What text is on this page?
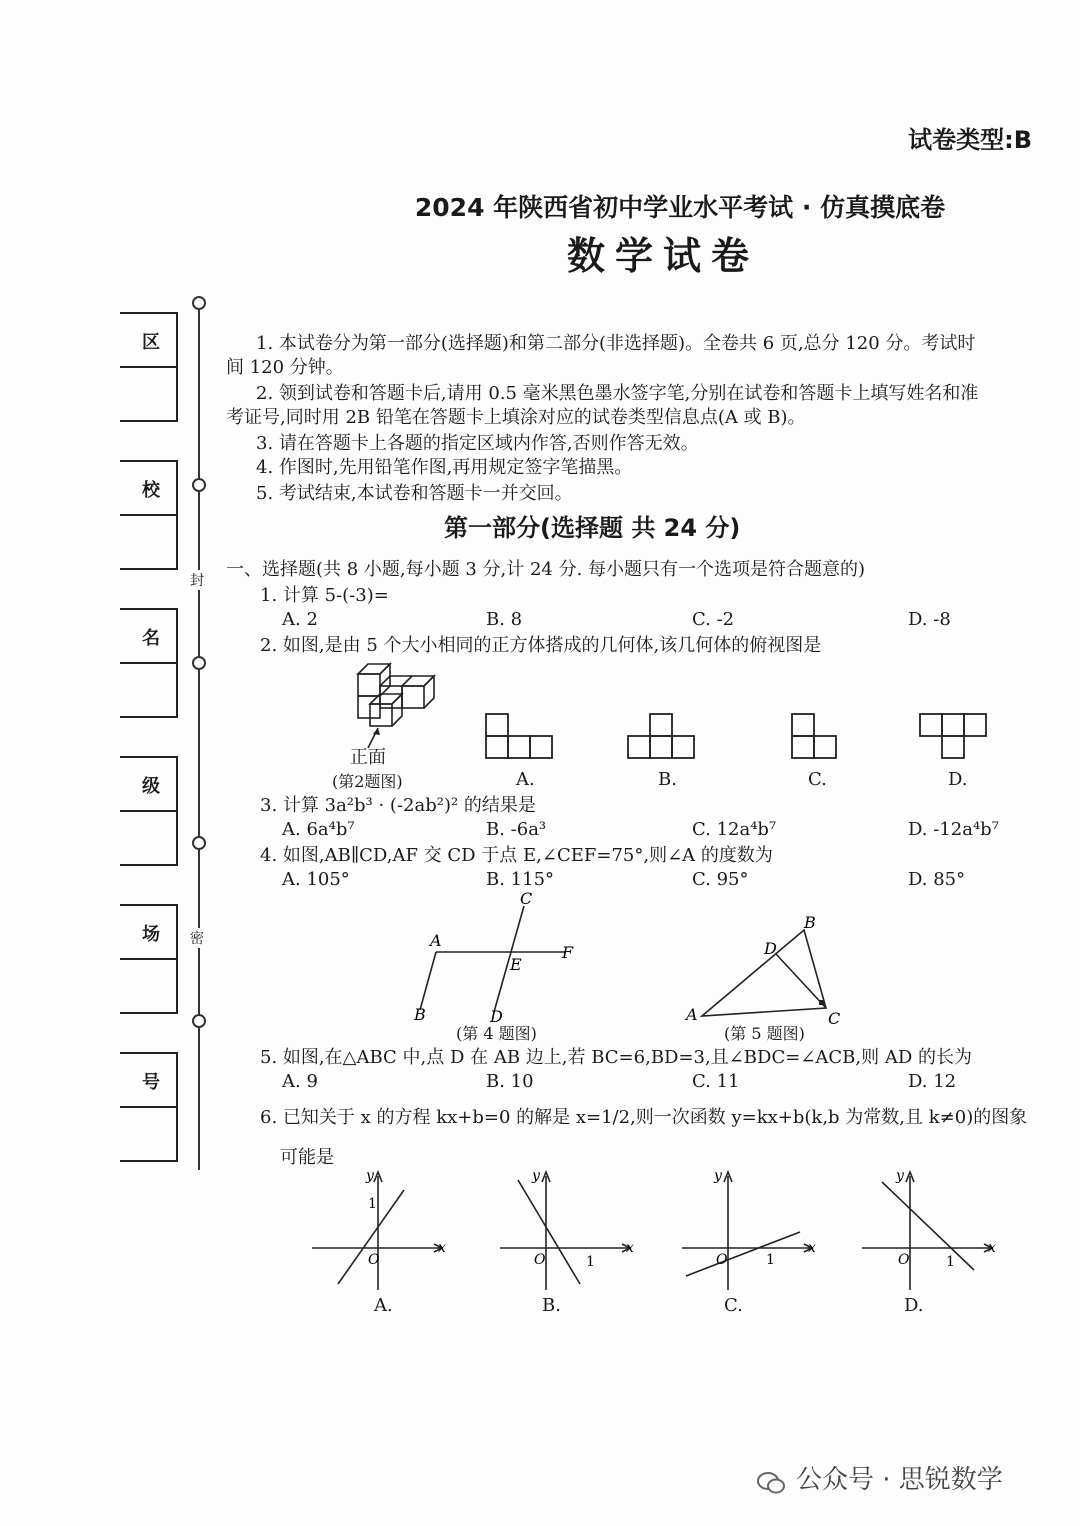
试卷类型:B
2024 年陕西省初中学业水平考试 · 仿真摸底卷
数学试卷
区
校
名
级
场
号
封
密
1. 本试卷分为第一部分(选择题)和第二部分(非选择题)。全卷共 6 页,总分 120 分。考试时
间 120 分钟。
2. 领到试卷和答题卡后,请用 0.5 毫米黑色墨水签字笔,分别在试卷和答题卡上填写姓名和准
考证号,同时用 2B 铅笔在答题卡上填涂对应的试卷类型信息点(A 或 B)。
3. 请在答题卡上各题的指定区域内作答,否则作答无效。
4. 作图时,先用铅笔作图,再用规定签字笔描黑。
5. 考试结束,本试卷和答题卡一并交回。
第一部分(选择题 共 24 分)
一、选择题(共 8 小题,每小题 3 分,计 24 分. 每小题只有一个选项是符合题意的)
1. 计算 5-(-3)=
A. 2	B. 8	C. -2	D. -8
2. 如图,是由 5 个大小相同的正方体搭成的几何体,该几何体的俯视图是
正面
(第2题图)	A.	B.	C.	D.
3. 计算 3a²b³ · (-2ab²)² 的结果是
A. 6a⁴b⁷	B. -6a³	C. 12a⁴b⁷	D. -12a⁴b⁷
4. 如图,AB∥CD,AF 交 CD 于点 E,∠CEF=75°,则∠A 的度数为
A. 105°	B. 115°	C. 95°	D. 85°
A
B
C
D
E
F
(第 4 题图)
A
B
C
D
(第 5 题图)
5. 如图,在△ABC 中,点 D 在 AB 边上,若 BC=6,BD=3,且∠BDC=∠ACB,则 AD 的长为
A. 9	B. 10	C. 11	D. 12
6. 已知关于 x 的方程 kx+b=0 的解是 x=1/2,则一次函数 y=kx+b(k,b 为常数,且 k≠0)的图象
可能是
y
x
O
1
y
x
O	1
y
x
O	1
y
x
O	1
A.	B.	C.	D.
公众号 · 思锐数学
